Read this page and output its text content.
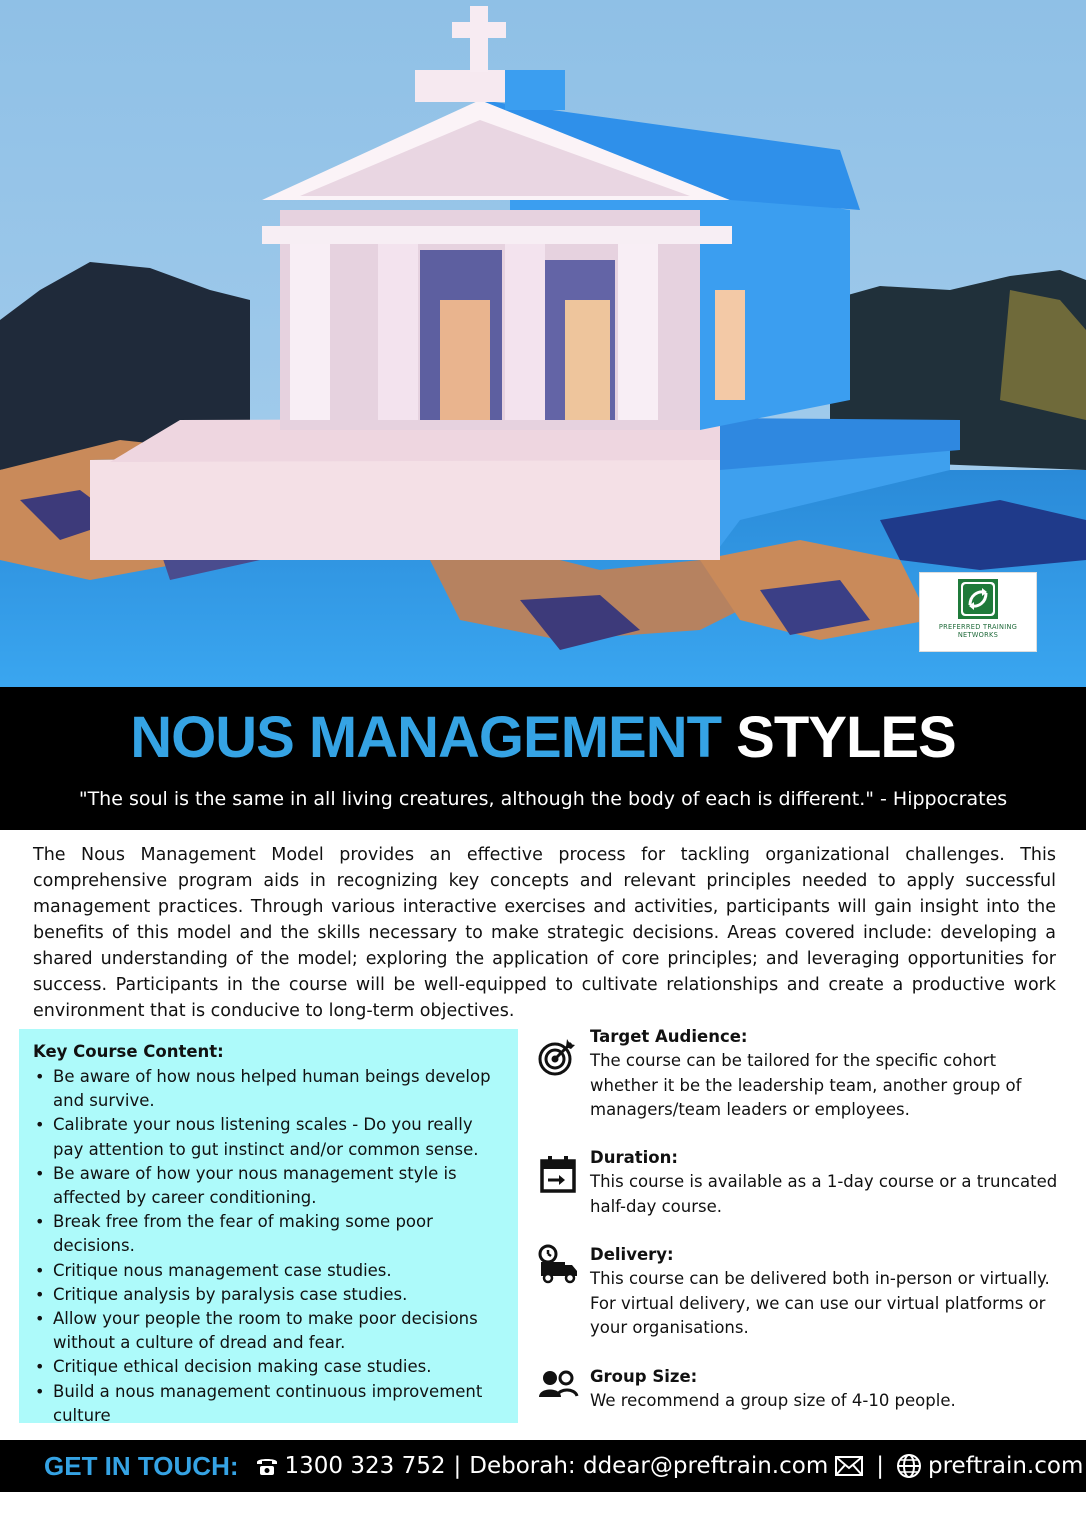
PREFERRED TRAINING NETWORKS
NOUS MANAGEMENT STYLES
"The soul is the same in all living creatures, although the body of each is different." - Hippocrates

The Nous Management Model provides an effective process for tackling organizational challenges. This comprehensive program aids in recognizing key concepts and relevant principles needed to apply successful management practices. Through various interactive exercises and activities, participants will gain insight into the benefits of this model and the skills necessary to make strategic decisions. Areas covered include: developing a shared understanding of the model; exploring the application of core principles; and leveraging opportunities for success. Participants in the course will be well-equipped to cultivate relationships and create a productive work environment that is conducive to long-term objectives.

Key Course Content:
• Be aware of how nous helped human beings develop and survive.
• Calibrate your nous listening scales - Do you really pay attention to gut instinct and/or common sense.
• Be aware of how your nous management style is affected by career conditioning.
• Break free from the fear of making some poor decisions.
• Critique nous management case studies.
• Critique analysis by paralysis case studies.
• Allow your people the room to make poor decisions without a culture of dread and fear.
• Critique ethical decision making case studies.
• Build a nous management continuous improvement culture
Target Audience:
The course can be tailored for the specific cohort whether it be the leadership team, another group of managers/team leaders or employees.
Duration:
This course is available as a 1-day course or a truncated half-day course.
Delivery:
This course can be delivered both in-person or virtually. For virtual delivery, we can use our virtual platforms or your organisations.
Group Size:
We recommend a group size of 4-10 people.
GET IN TOUCH: 1300 323 752 | Deborah: ddear@preftrain.com | preftrain.com
